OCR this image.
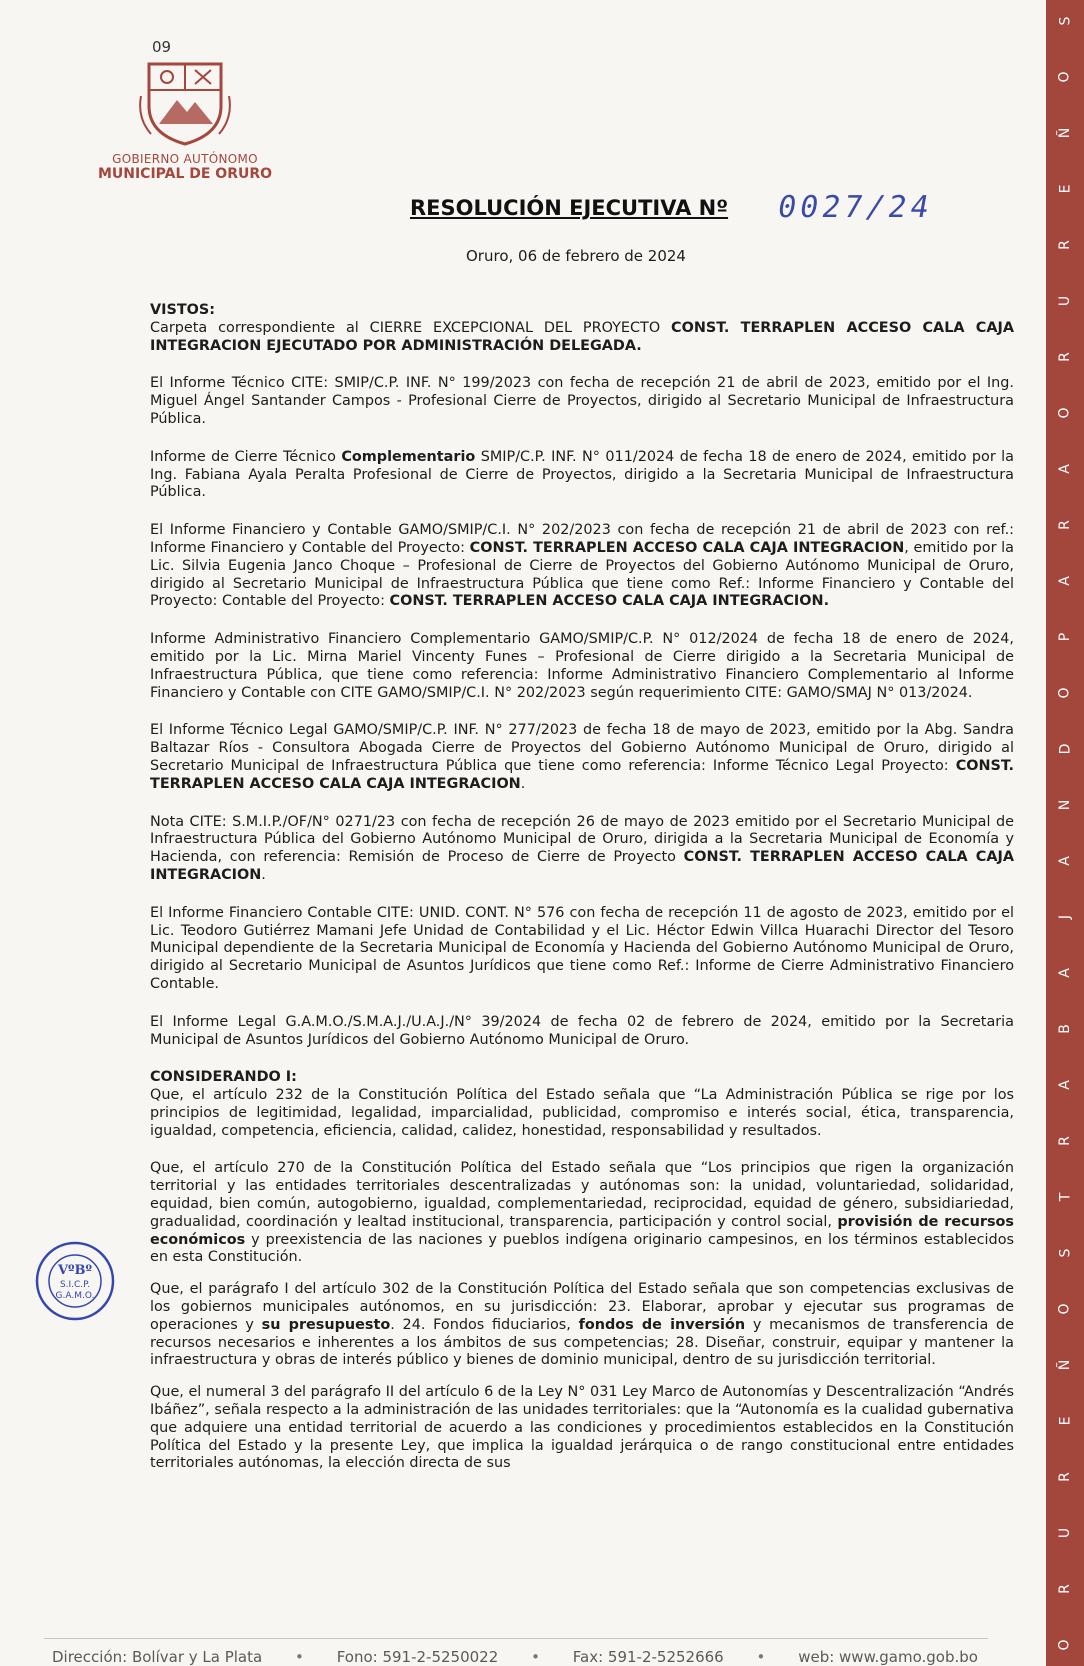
09
GOBIERNO AUTÓNOMO
MUNICIPAL DE ORURO
S
O
Ñ
E
R
U
R
O
A
R
A
P
O
D
N
A
J
A
B
A
R
T
S
O
Ñ
E
R
U
R
O
RESOLUCIÓN EJECUTIVA Nº 0027/24
Oruro, 06 de febrero de 2024

VISTOS:

Carpeta correspondiente al CIERRE EXCEPCIONAL DEL PROYECTO CONST. TERRAPLEN ACCESO CALA CAJA INTEGRACION EJECUTADO POR ADMINISTRACIÓN DELEGADA.

El Informe Técnico CITE: SMIP/C.P. INF. N° 199/2023 con fecha de recepción 21 de abril de 2023, emitido por el Ing. Miguel Ángel Santander Campos - Profesional Cierre de Proyectos, dirigido al Secretario Municipal de Infraestructura Pública.

Informe de Cierre Técnico Complementario SMIP/C.P. INF. N° 011/2024 de fecha 18 de enero de 2024, emitido por la Ing. Fabiana Ayala Peralta Profesional de Cierre de Proyectos, dirigido a la Secretaria Municipal de Infraestructura Pública.

El Informe Financiero y Contable GAMO/SMIP/C.I. N° 202/2023 con fecha de recepción 21 de abril de 2023 con ref.: Informe Financiero y Contable del Proyecto: CONST. TERRAPLEN ACCESO CALA CAJA INTEGRACION, emitido por la Lic. Silvia Eugenia Janco Choque – Profesional de Cierre de Proyectos del Gobierno Autónomo Municipal de Oruro, dirigido al Secretario Municipal de Infraestructura Pública que tiene como Ref.: Informe Financiero y Contable del Proyecto: Contable del Proyecto: CONST. TERRAPLEN ACCESO CALA CAJA INTEGRACION.

Informe Administrativo Financiero Complementario GAMO/SMIP/C.P. N° 012/2024 de fecha 18 de enero de 2024, emitido por la Lic. Mirna Mariel Vincenty Funes – Profesional de Cierre dirigido a la Secretaria Municipal de Infraestructura Pública, que tiene como referencia: Informe Administrativo Financiero Complementario al Informe Financiero y Contable con CITE GAMO/SMIP/C.I. N° 202/2023 según requerimiento CITE: GAMO/SMAJ N° 013/2024.

El Informe Técnico Legal GAMO/SMIP/C.P. INF. N° 277/2023 de fecha 18 de mayo de 2023, emitido por la Abg. Sandra Baltazar Ríos - Consultora Abogada Cierre de Proyectos del Gobierno Autónomo Municipal de Oruro, dirigido al Secretario Municipal de Infraestructura Pública que tiene como referencia: Informe Técnico Legal Proyecto: CONST. TERRAPLEN ACCESO CALA CAJA INTEGRACION.

Nota CITE: S.M.I.P./OF/N° 0271/23 con fecha de recepción 26 de mayo de 2023 emitido por el Secretario Municipal de Infraestructura Pública del Gobierno Autónomo Municipal de Oruro, dirigida a la Secretaria Municipal de Economía y Hacienda, con referencia: Remisión de Proceso de Cierre de Proyecto CONST. TERRAPLEN ACCESO CALA CAJA INTEGRACION.

El Informe Financiero Contable CITE: UNID. CONT. N° 576 con fecha de recepción 11 de agosto de 2023, emitido por el Lic. Teodoro Gutiérrez Mamani Jefe Unidad de Contabilidad y el Lic. Héctor Edwin Villca Huarachi Director del Tesoro Municipal dependiente de la Secretaria Municipal de Economía y Hacienda del Gobierno Autónomo Municipal de Oruro, dirigido al Secretario Municipal de Asuntos Jurídicos que tiene como Ref.: Informe de Cierre Administrativo Financiero Contable.

El Informe Legal G.A.M.O./S.M.A.J./U.A.J./N° 39/2024 de fecha 02 de febrero de 2024, emitido por la Secretaria Municipal de Asuntos Jurídicos del Gobierno Autónomo Municipal de Oruro.

CONSIDERANDO I:

Que, el artículo 232 de la Constitución Política del Estado señala que “La Administración Pública se rige por los principios de legitimidad, legalidad, imparcialidad, publicidad, compromiso e interés social, ética, transparencia, igualdad, competencia, eficiencia, calidad, calidez, honestidad, responsabilidad y resultados.

Que, el artículo 270 de la Constitución Política del Estado señala que “Los principios que rigen la organización territorial y las entidades territoriales descentralizadas y autónomas son: la unidad, voluntariedad, solidaridad, equidad, bien común, autogobierno, igualdad, complementariedad, reciprocidad, equidad de género, subsidiariedad, gradualidad, coordinación y lealtad institucional, transparencia, participación y control social, provisión de recursos económicos y preexistencia de las naciones y pueblos indígena originario campesinos, en los términos establecidos en esta Constitución.

Que, el parágrafo I del artículo 302 de la Constitución Política del Estado señala que son competencias exclusivas de los gobiernos municipales autónomos, en su jurisdicción: 23. Elaborar, aprobar y ejecutar sus programas de operaciones y su presupuesto. 24. Fondos fiduciarios, fondos de inversión y mecanismos de transferencia de recursos necesarios e inherentes a los ámbitos de sus competencias; 28. Diseñar, construir, equipar y mantener la infraestructura y obras de interés público y bienes de dominio municipal, dentro de su jurisdicción territorial.

Que, el numeral 3 del parágrafo II del artículo 6 de la Ley N° 031 Ley Marco de Autonomías y Descentralización “Andrés Ibáñez”, señala respecto a la administración de las unidades territoriales: que la “Autonomía es la cualidad gubernativa que adquiere una entidad territorial de acuerdo a las condiciones y procedimientos establecidos en la Constitución Política del Estado y la presente Ley, que implica la igualdad jerárquica o de rango constitucional entre entidades territoriales autónomas, la elección directa de sus

VºBº
S.I.C.P.
G.A.M.O.
Dirección: Bolívar y La Plata • Fono: 591-2-5250022 • Fax: 591-2-5252666 • web: www.gamo.gob.bo
